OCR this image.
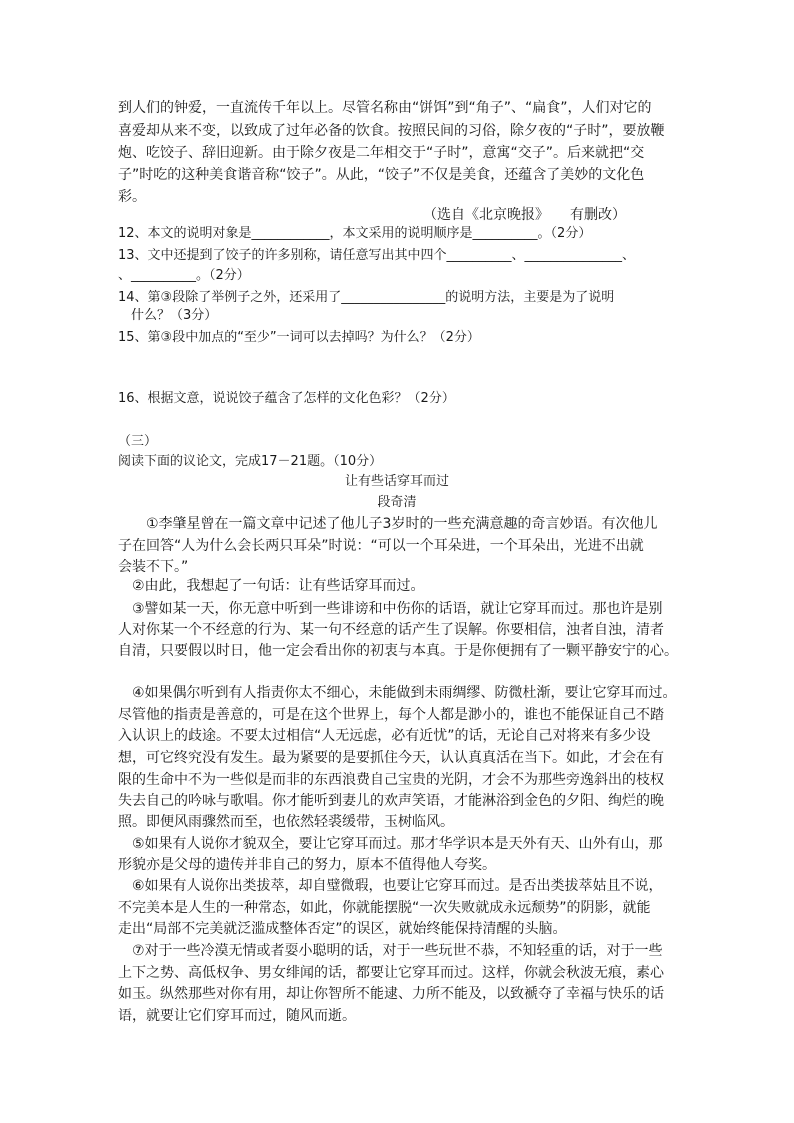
到人们的钟爱，一直流传千年以上。尽管名称由“饼饵”到“角子”、“扁食”，人们对它的

喜爱却从来不变，以致成了过年必备的饮食。按照民间的习俗，除夕夜的“子时”，要放鞭

炮、吃饺子、辞旧迎新。由于除夕夜是二年相交于“子时”，意寓“交子”。后来就把“交

子”时吃的这种美食谐音称“饺子”。从此，“饺子”不仅是美食，还蕴含了美妙的文化色

彩。

（选自《北京晚报》　　有删改）

12、本文的说明对象是____________，本文采用的说明顺序是__________。（2分）

13、文中还提到了饺子的许多别称，请任意写出其中四个__________、_______________、

、__________。（2分）

14、第③段除了举例子之外，还采用了________________的说明方法，主要是为了说明

　什么？（3分）

15、第③段中加点的“至少”一词可以去掉吗？为什么？（2分）

16、根据文意，说说饺子蕴含了怎样的文化色彩？（2分）

（三）

阅读下面的议论文，完成17－21题。（10分）

让有些话穿耳而过

段奇清

　　①李肇星曾在一篇文章中记述了他儿子3岁时的一些充满意趣的奇言妙语。有次他儿

子在回答“人为什么会长两只耳朵”时说：“可以一个耳朵进，一个耳朵出，光进不出就

会装不下。”

　②由此，我想起了一句话：让有些话穿耳而过。

　③譬如某一天，你无意中听到一些诽谤和中伤你的话语，就让它穿耳而过。那也许是别

人对你某一个不经意的行为、某一句不经意的话产生了误解。你要相信，浊者自浊，清者

自清，只要假以时日，他一定会看出你的初衷与本真。于是你便拥有了一颗平静安宁的心。

　④如果偶尔听到有人指责你太不细心，未能做到未雨绸缪、防微杜渐，要让它穿耳而过。

尽管他的指责是善意的，可是在这个世界上，每个人都是渺小的，谁也不能保证自己不踏

入认识上的歧途。不要太过相信“人无远虑，必有近忧”的话，无论自己对将来有多少设

想，可它终究没有发生。最为紧要的是要抓住今天，认认真真活在当下。如此，才会在有

限的生命中不为一些似是而非的东西浪费自己宝贵的光阴，才会不为那些旁逸斜出的枝权

失去自己的吟咏与歌唱。你才能听到妻儿的欢声笑语，才能淋浴到金色的夕阳、绚烂的晚

照。即便风雨骤然而至，也依然轻裘缓带，玉树临风。

　⑤如果有人说你才貌双全，要让它穿耳而过。那才华学识本是天外有天、山外有山，那

形貌亦是父母的遗传并非自己的努力，原本不值得他人夸奖。

　⑥如果有人说你出类拔萃，却自璧微瑕，也要让它穿耳而过。是否出类拔萃姑且不说，

不完美本是人生的一种常态，如此，你就能摆脱“一次失败就成永远颓势”的阴影，就能

走出“局部不完美就泛滥成整体否定”的误区，就始终能保持清醒的头脑。

　⑦对于一些冷漠无情或者耍小聪明的话，对于一些玩世不恭，不知轻重的话，对于一些

上下之势、高低权争、男女绯闻的话，都要让它穿耳而过。这样，你就会秋波无痕，素心

如玉。纵然那些对你有用，却让你智所不能逮、力所不能及，以致褫夺了幸福与快乐的话

语，就要让它们穿耳而过，随风而逝。
